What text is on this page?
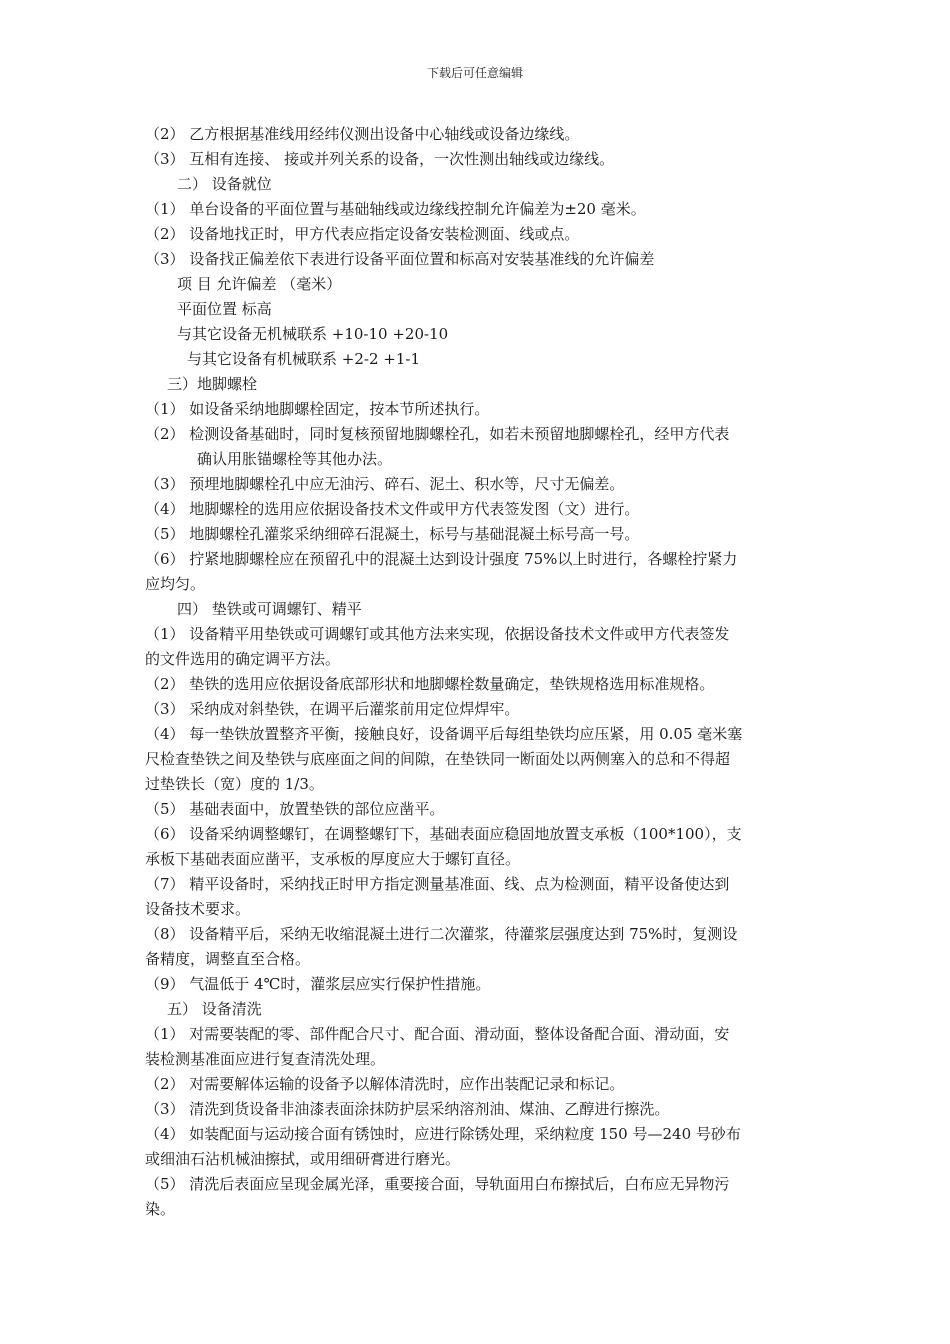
下载后可任意编辑
（2） 乙方根据基准线用经纬仪测出设备中心轴线或设备边缘线。
（3） 互相有连接、 接或并列关系的设备，一次性测出轴线或边缘线。
二） 设备就位
（1） 单台设备的平面位置与基础轴线或边缘线控制允许偏差为±20 毫米。
（2） 设备地找正时，甲方代表应指定设备安装检测面、线或点。
（3） 设备找正偏差依下表进行设备平面位置和标高对安装基准线的允许偏差
项 目 允许偏差 （毫米）
平面位置 标高
与其它设备无机械联系 +10-10 +20-10
与其它设备有机械联系 +2-2 +1-1
三）地脚螺栓
（1） 如设备采纳地脚螺栓固定，按本节所述执行。
（2） 检测设备基础时，同时复核预留地脚螺栓孔，如若未预留地脚螺栓孔，经甲方代表
确认用胀锚螺栓等其他办法。
（3） 预埋地脚螺栓孔中应无油污、碎石、泥土、积水等，尺寸无偏差。
（4） 地脚螺栓的选用应依据设备技术文件或甲方代表签发图（文）进行。
（5） 地脚螺栓孔灌浆采纳细碎石混凝土，标号与基础混凝土标号高一号。
（6） 拧紧地脚螺栓应在预留孔中的混凝土达到设计强度 75%以上时进行，各螺栓拧紧力
应均匀。
四） 垫铁或可调螺钉、精平
（1） 设备精平用垫铁或可调螺钉或其他方法来实现，依据设备技术文件或甲方代表签发
的文件选用的确定调平方法。
（2） 垫铁的选用应依据设备底部形状和地脚螺栓数量确定，垫铁规格选用标准规格。
（3） 采纳成对斜垫铁，在调平后灌浆前用定位焊焊牢。
（4） 每一垫铁放置整齐平衡，接触良好，设备调平后每组垫铁均应压紧，用 0.05 毫米塞
尺检查垫铁之间及垫铁与底座面之间的间隙，在垫铁同一断面处以两侧塞入的总和不得超
过垫铁长（宽）度的 1/3。
（5） 基础表面中，放置垫铁的部位应凿平。
（6） 设备采纳调整螺钉，在调整螺钉下，基础表面应稳固地放置支承板（100*100），支
承板下基础表面应凿平，支承板的厚度应大于螺钉直径。
（7） 精平设备时，采纳找正时甲方指定测量基准面、线、点为检测面，精平设备使达到
设备技术要求。
（8） 设备精平后，采纳无收缩混凝土进行二次灌浆，待灌浆层强度达到 75%时，复测设
备精度，调整直至合格。
（9） 气温低于 4℃时，灌浆层应实行保护性措施。
五） 设备清洗
（1） 对需要装配的零、部件配合尺寸、配合面、滑动面，整体设备配合面、滑动面，安
装检测基准面应进行复查清洗处理。
（2） 对需要解体运输的设备予以解体清洗时，应作出装配记录和标记。
（3） 清洗到货设备非油漆表面涂抹防护层采纳溶剂油、煤油、乙醇进行擦洗。
（4） 如装配面与运动接合面有锈蚀时，应进行除锈处理，采纳粒度 150 号—240 号砂布
或细油石沾机械油擦拭，或用细研膏进行磨光。
（5） 清洗后表面应呈现金属光泽，重要接合面，导轨面用白布擦拭后，白布应无异物污
染。
